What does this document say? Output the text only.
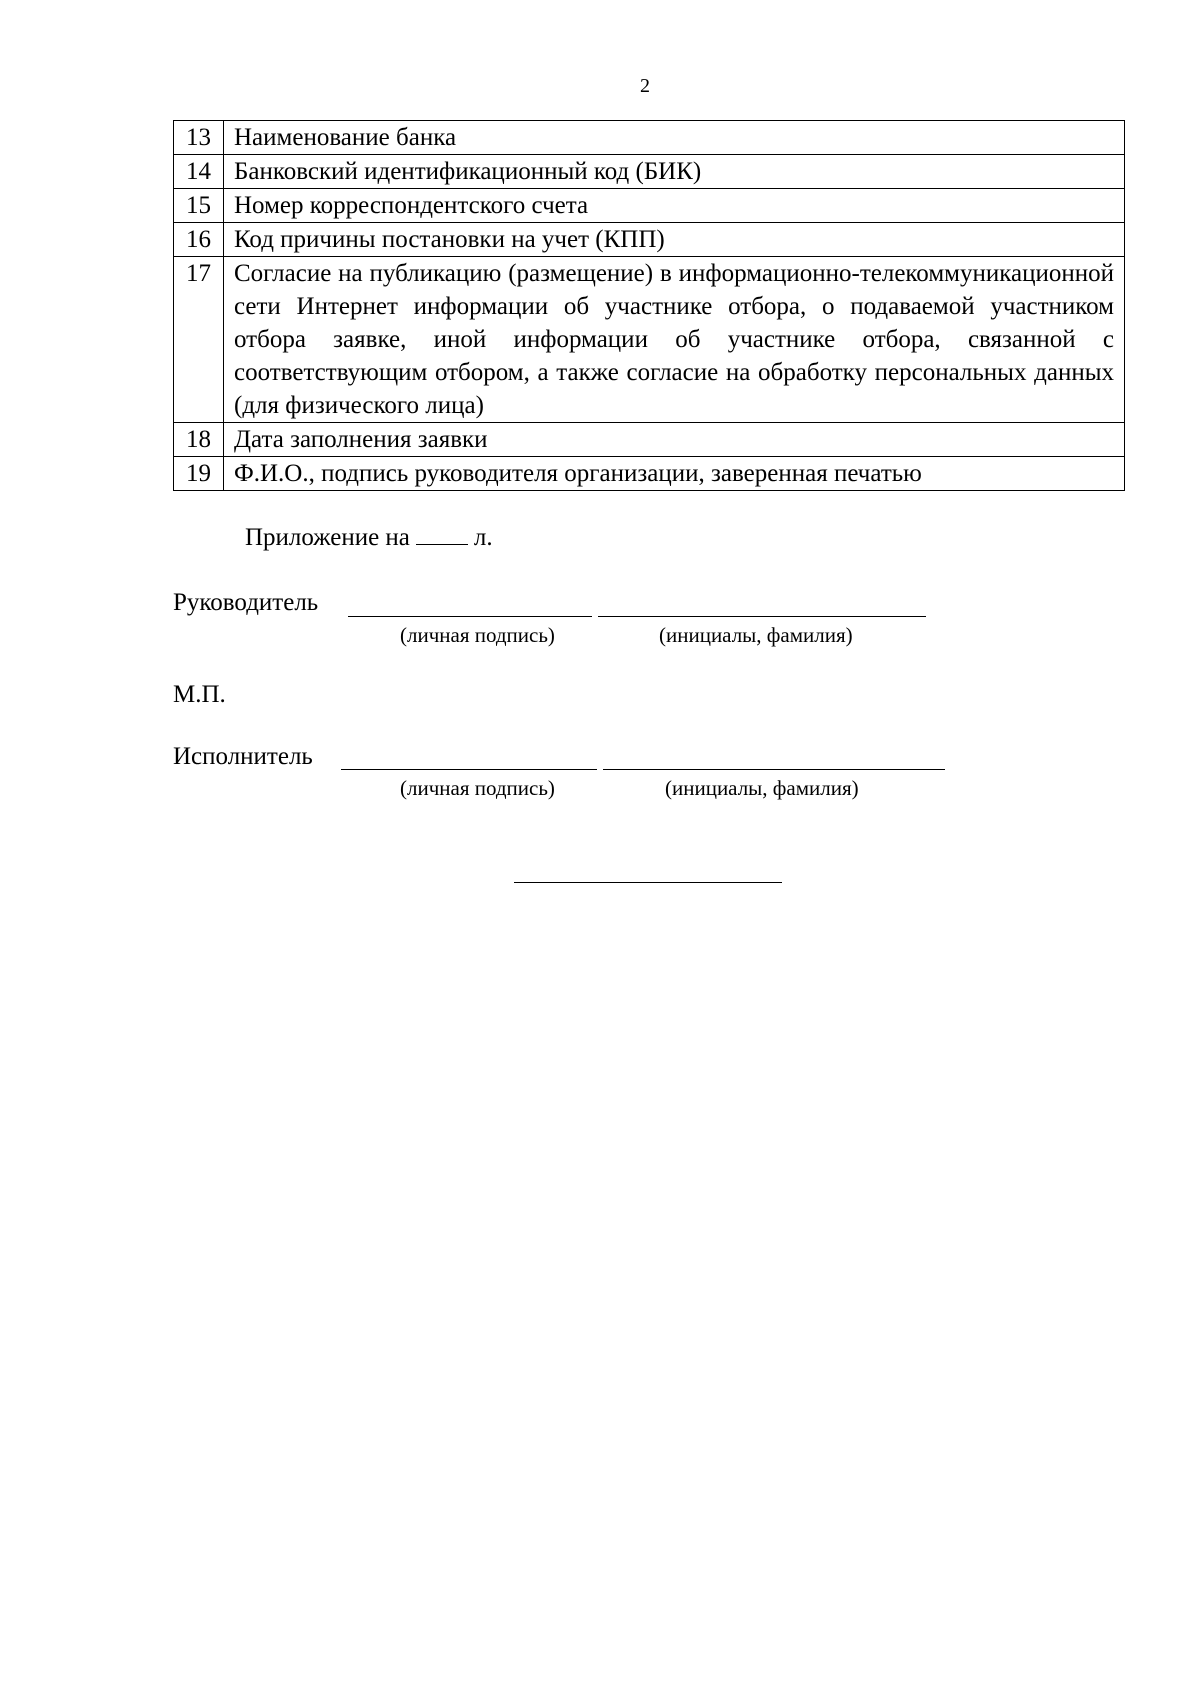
2
13	Наименование банка
14	Банковский идентификационный код (БИК)
15	Номер корреспондентского счета
16	Код причины постановки на учет (КПП)
17	Согласие на публикацию (размещение) в информационно-телекоммуникационной сети Интернет информации об участнике отбора, о подаваемой участником отбора заявке, иной информации об участнике отбора, связанной с соответствующим отбором, а также согласие на обработку персональных данных (для физического лица)
18	Дата заполнения заявки
19	Ф.И.О., подпись руководителя организации, заверенная печатью
Приложение на	л.
Руководитель
(личная подпись)	(инициалы, фамилия)
М.П.
Исполнитель
(личная подпись)	(инициалы, фамилия)
